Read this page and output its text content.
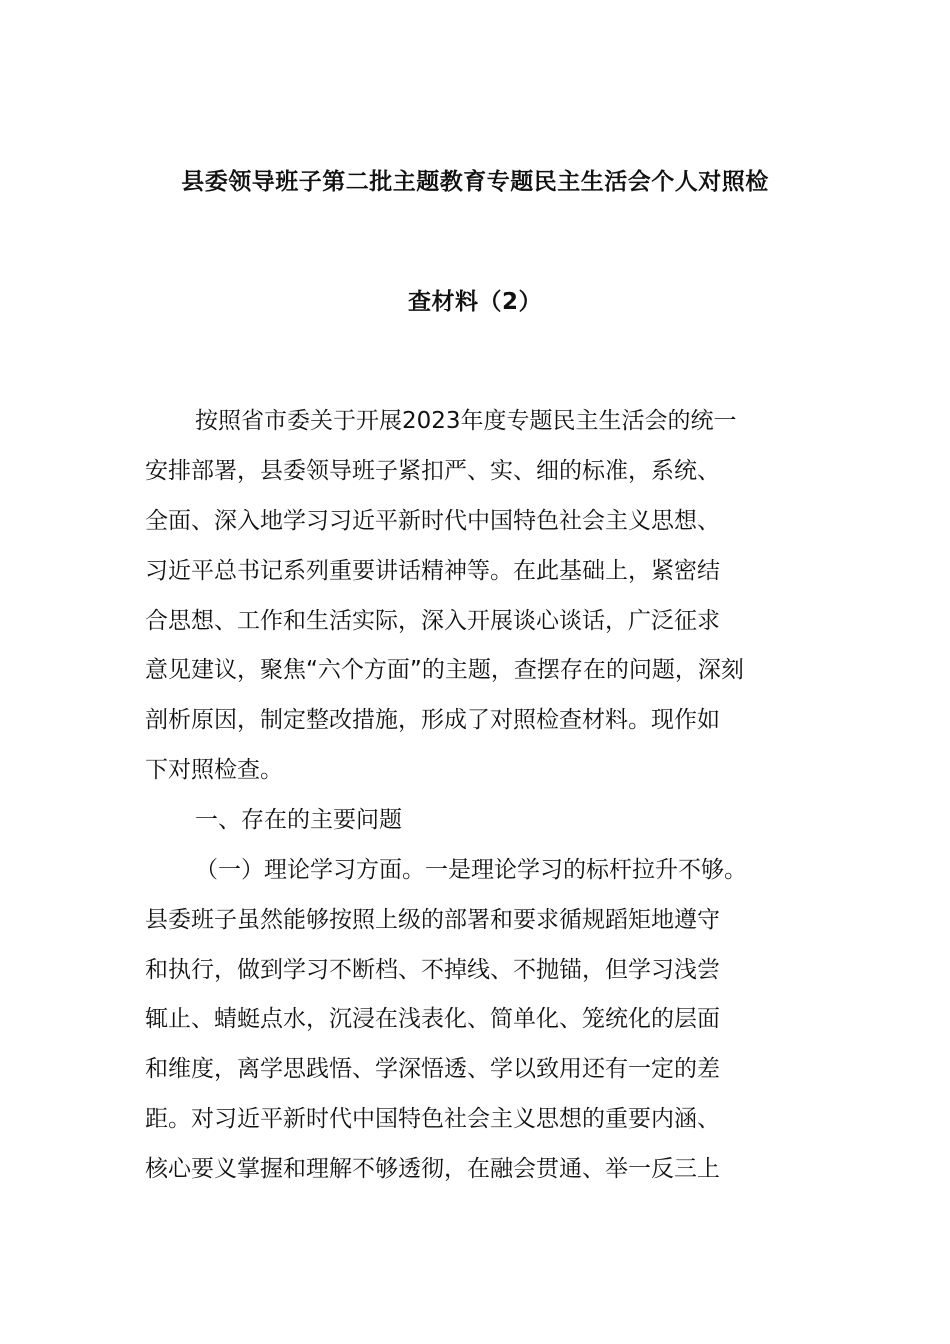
县委领导班子第二批主题教育专题民主生活会个人对照检
查材料（2）
按照省市委关于开展2023年度专题民主生活会的统一
安排部署，县委领导班子紧扣严、实、细的标准，系统、
全面、深入地学习习近平新时代中国特色社会主义思想、
习近平总书记系列重要讲话精神等。在此基础上，紧密结
合思想、工作和生活实际，深入开展谈心谈话，广泛征求
意见建议，聚焦“六个方面”的主题，查摆存在的问题，深刻
剖析原因，制定整改措施，形成了对照检查材料。现作如
下对照检查。
一、存在的主要问题
（一）理论学习方面。一是理论学习的标杆拉升不够。
县委班子虽然能够按照上级的部署和要求循规蹈矩地遵守
和执行，做到学习不断档、不掉线、不抛锚，但学习浅尝
辄止、蜻蜓点水，沉浸在浅表化、简单化、笼统化的层面
和维度，离学思践悟、学深悟透、学以致用还有一定的差
距。对习近平新时代中国特色社会主义思想的重要内涵、
核心要义掌握和理解不够透彻，在融会贯通、举一反三上
